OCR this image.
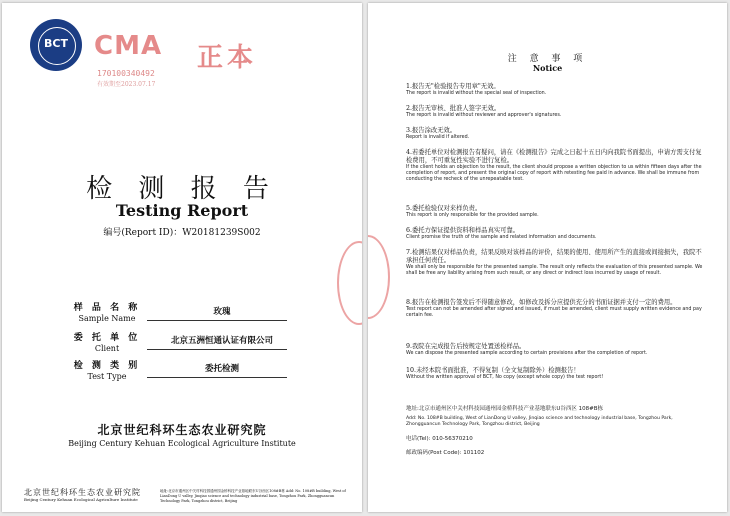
BCT	CMA
170100340492
有效期至2023.07.17
正本
检 测 报 告
Testing Report
编号(Report ID)：W20181239S002
样 品 名 称
Sample Name
玫瑰
委 托 单 位
Client
北京五洲恒通认证有限公司
检 测 类 别
Test Type
委托检测
北京世纪科环生态农业研究院
Beijing Century Kehuan Ecological Agriculture Institute
北京世纪科环生态农业研究院
Beijing Century Kehuan Ecological Agriculture Institute
地址:北京市通州区中关村科技园通州园金桥科技产业基地联东U谷西区108#B栋 Add: No. 108#B building, West of LianDong U valley, Jinqiao science and technology industrial base, Tongzhou Park, Zhongguancun Technology Park, Tongzhou district, Beijing
注 意 事 项
Notice
1.报告无"检验报告专用章"无效。
The report is invalid without the special seal of inspection.
2.报告无审核、批准人签字无效。
The report is invalid without reviewer and approver's signatures.
3.报告涂改无效。
Report is invalid if altered.
4.若委托单位对检测报告有疑问，请在《检测报告》完成之日起十五日内向我院书面提出，申请方需支付复检费用，不可重复性实验不进行复检。
If the client holds an objection to the result, the client should propose a written objection to us within fifteen days after the completion of report, and present the original copy of report with retesting fee paid in advance. We shall be immune from conducting the recheck of the unrepeatable test.
5.委托检验仅对来样负责。
This report is only responsible for the provided sample.
6.委托方保证提供资料和样品真实可靠。
Client promise the truth of the sample and related information and documents.
7.检测结果仅对样品负责，结果反映对该样品的评价，结果的使用、使用所产生的直接或间接损失，我院不承担任何责任。
We shall only be responsible for the presented sample. The result only reflects the evaluation of this presented sample. We shall be free any liability arising from such result, or any direct or indirect loss incurred by usage of result.
8.报告在检测报告签发后不得随意修改，如修改及拆分应提供充分的书面证据并支付一定的费用。
Test report can not be amended after signed and issued, if must be amended, client must supply written evidence and pay certain fee.
9.我院在完成报告后按规定处置送检样品。
We can dispose the presented sample according to certain provisions after the completion of report.
10.未经本院书面批准，不得复制（全文复制除外）检测报告！
Without the written approval of BCT, No copy (except whole copy) the test report!
地址:北京市通州区中关村科技园通州园金桥科技产业基地联东U谷西区 108#B栋
Add: No. 108#B building, West of LianDong U valley, Jinqiao science and technology industrial base, Tongzhou Park, Zhongguancun Technology Park, Tongzhou district, Beijing
电话(Tel): 010-56370210
邮政编码(Post Code): 101102
